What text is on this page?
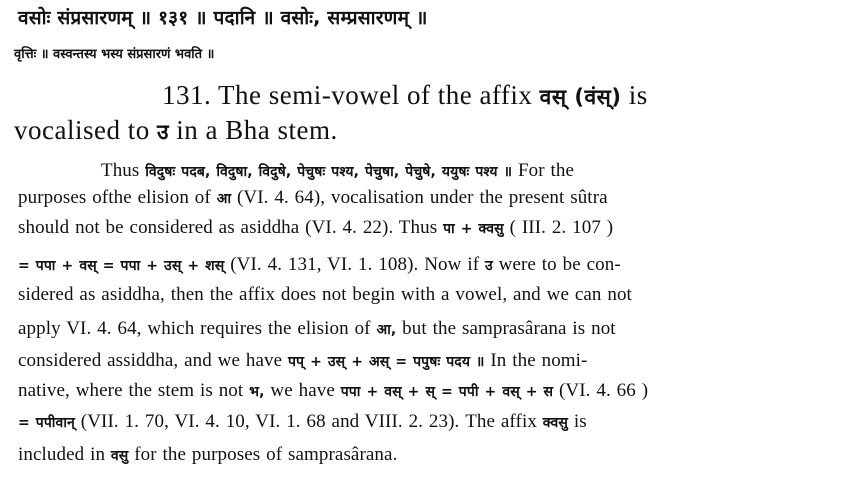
वसोः संप्रसारणम् ॥ १३१ ॥ पदानि ॥ वसोः, सम्प्रसारणम् ॥
वृत्तिः ॥ वस्वन्तस्य भस्य संप्रसारणं भवति ॥
131. The semi-vowel of the affix वस् (वंस्) is
vocalised to उ in a Bha stem.
Thus विदुषः पदब, विदुषा, विदुषे, पेचुषः पश्य, पेचुषा, पेचुषे, ययुषः पश्य ॥ For the
purposes ofthe elision of आ (VI. 4. 64), vocalisation under the present sûtra
should not be considered as asiddha (VI. 4. 22). Thus पा + क्वसु ( III. 2. 107 )
= पपा + वस् = पपा + उस् + शस् (VI. 4. 131, VI. 1. 108). Now if उ were to be con-
sidered as asiddha, then the affix does not begin with a vowel, and we can not
apply VI. 4. 64, which requires the elision of आ, but the samprasârana is not
considered assiddha, and we have पप् + उस् + अस् = पपुषः पदय ॥ In the nomi-
native, where the stem is not भ, we have पपा + वस् + स् = पपी + वस् + स (VI. 4. 66 )
= पपीवान् (VII. 1. 70, VI. 4. 10, VI. 1. 68 and VIII. 2. 23). The affix क्वसु is
included in वसु for the purposes of samprasârana.
